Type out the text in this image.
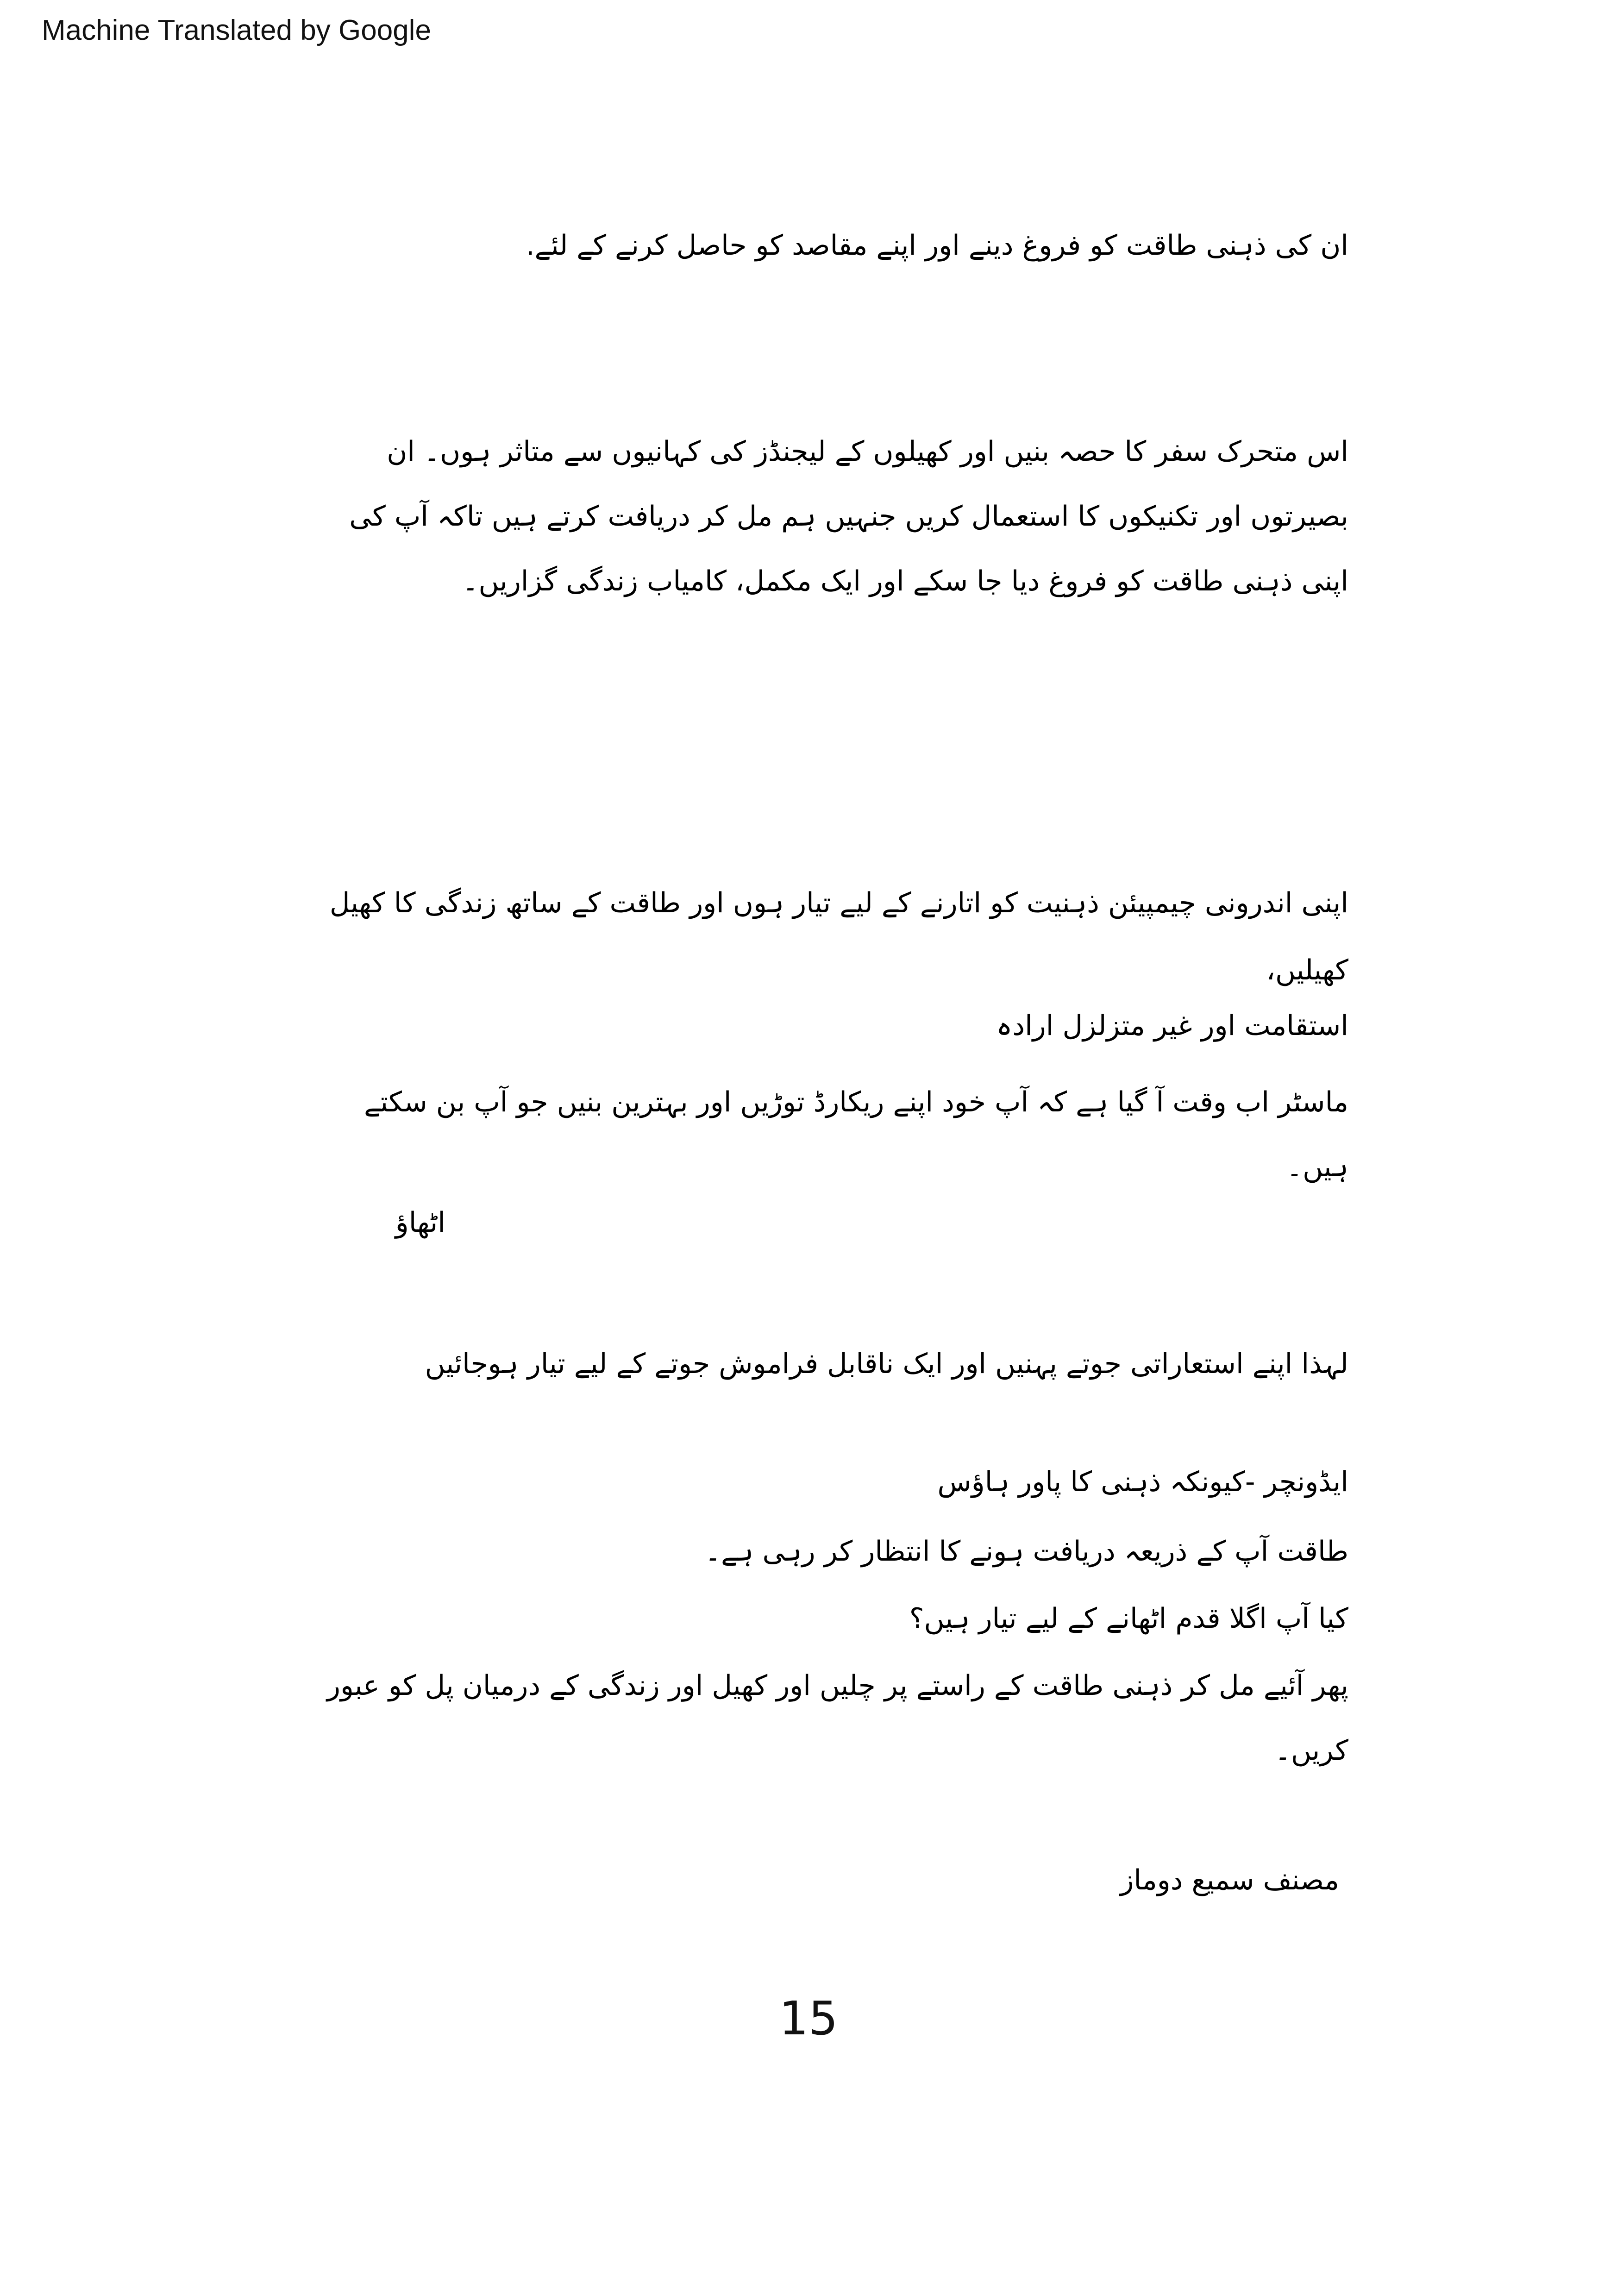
Machine Translated by Google
ان کی ذہنی طاقت کو فروغ دینے اور اپنے مقاصد کو حاصل کرنے کے لئے.
اس متحرک سفر کا حصہ بنیں اور کھیلوں کے لیجنڈز کی کہانیوں سے متاثر ہوں۔ ان
بصیرتوں اور تکنیکوں کا استعمال کریں جنہیں ہم مل کر دریافت کرتے ہیں تاکہ آپ کی
اپنی ذہنی طاقت کو فروغ دیا جا سکے اور ایک مکمل، کامیاب زندگی گزاریں۔
اپنی اندرونی چیمپیئن ذہنیت کو اتارنے کے لیے تیار ہوں اور طاقت کے ساتھ زندگی کا کھیل
کھیلیں،
استقامت اور غیر متزلزل ارادہ
ماسٹر اب وقت آ گیا ہے کہ آپ خود اپنے ریکارڈ توڑیں اور بہترین بنیں جو آپ بن سکتے
ہیں۔
اٹھاؤ
لہذا اپنے استعاراتی جوتے پہنیں اور ایک ناقابل فراموش جوتے کے لیے تیار ہوجائیں
ایڈونچر -کیونکہ ذہنی کا پاور ہاؤس
طاقت آپ کے ذریعہ دریافت ہونے کا انتظار کر رہی ہے۔
کیا آپ اگلا قدم اٹھانے کے لیے تیار ہیں؟
پھر آئیے مل کر ذہنی طاقت کے راستے پر چلیں اور کھیل اور زندگی کے درمیان پل کو عبور
کریں۔
مصنف سمیع دوماز
15
